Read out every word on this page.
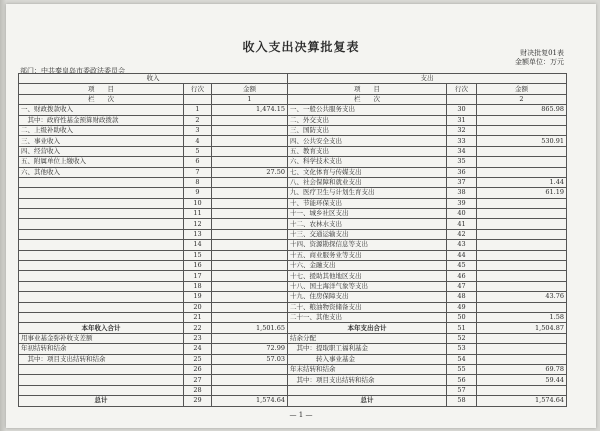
收入支出决算批复表	财决批复01表
金额单位：万元
部门：中共秦皇岛市委政法委员会
收入			支出		
项　　目	行次	金额	项　　目	行次	金额
栏　　次		1	栏　　次		2
一、财政拨款收入	1	1,474.15	一、一般公共服务支出	30	865.98
　其中：政府性基金预算财政拨款	2		二、外交支出	31	
二、上级补助收入	3		三、国防支出	32	
三、事业收入	4		四、公共安全支出	33	530.91
四、经营收入	5		五、教育支出	34	
五、附属单位上缴收入	6		六、科学技术支出	35	
六、其他收入	7	27.50	七、文化体育与传媒支出	36	
	8		八、社会保障和就业支出	37	1.44
	9		九、医疗卫生与计划生育支出	38	61.19
	10		十、节能环保支出	39	
	11		十一、城乡社区支出	40	
	12		十二、农林水支出	41	
	13		十三、交通运输支出	42	
	14		十四、资源勘探信息等支出	43	
	15		十五、商业服务业等支出	44	
	16		十六、金融支出	45	
	17		十七、援助其他地区支出	46	
	18		十八、国土海洋气象等支出	47	
	19		十九、住房保障支出	48	43.76
	20		二十、粮油物资储备支出	49	
	21		二十一、其他支出	50	1.58
本年收入合计	22	1,501.65	本年支出合计	51	1,504.87
用事业基金弥补收支差额	23		结余分配	52	
年初结转和结余	24	72.99	　其中：提取职工福利基金	53	
　其中：项目支出结转和结余	25	57.03	　　　　转入事业基金	54	
	26		年末结转和结余	55	69.78
	27		　其中：项目支出结转和结余	56	59.44
	28			57	
总计	29	1,574.64	总计	58	1,574.64
— 1 —
